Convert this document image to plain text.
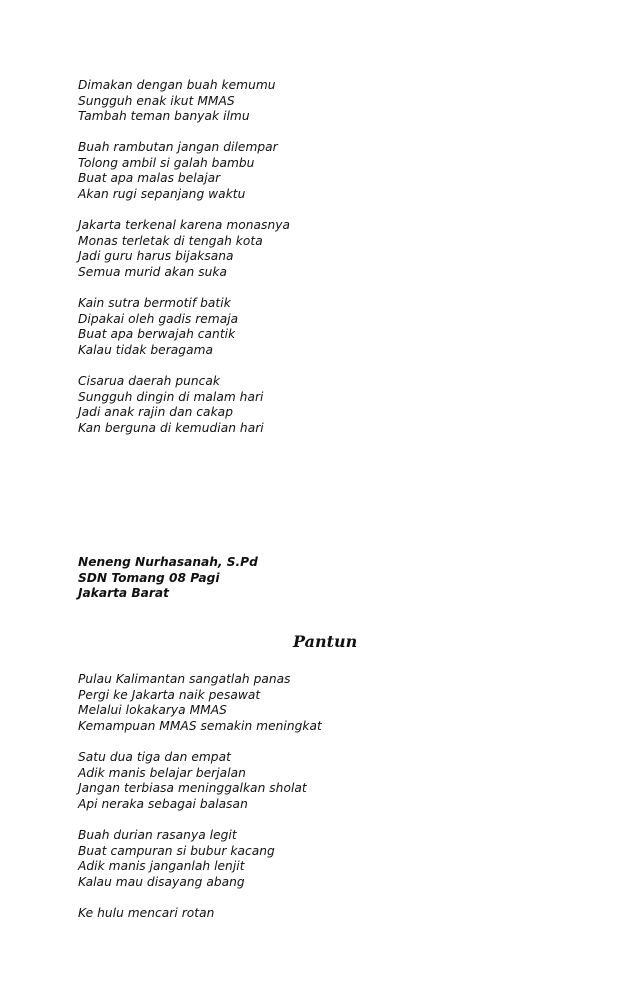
Dimakan dengan buah kemumu
Sungguh enak ikut MMAS
Tambah teman banyak ilmu
Buah rambutan jangan dilempar
Tolong ambil si galah bambu
Buat apa malas belajar
Akan rugi sepanjang waktu
Jakarta terkenal karena monasnya
Monas terletak di tengah kota
Jadi guru harus bijaksana
Semua murid akan suka
Kain sutra bermotif batik
Dipakai oleh gadis remaja
Buat apa berwajah cantik
Kalau tidak beragama
Cisarua daerah puncak
Sungguh dingin di malam hari
Jadi anak rajin dan cakap
Kan berguna di kemudian hari
Neneng Nurhasanah, S.Pd
SDN Tomang 08 Pagi
Jakarta Barat
Pantun
Pulau Kalimantan sangatlah panas
Pergi ke Jakarta naik pesawat
Melalui lokakarya MMAS
Kemampuan MMAS semakin meningkat
Satu dua tiga dan empat
Adik manis belajar berjalan
Jangan terbiasa meninggalkan sholat
Api neraka sebagai balasan
Buah durian rasanya legit
Buat campuran si bubur kacang
Adik manis janganlah lenjit
Kalau mau disayang abang
Ke hulu mencari rotan
